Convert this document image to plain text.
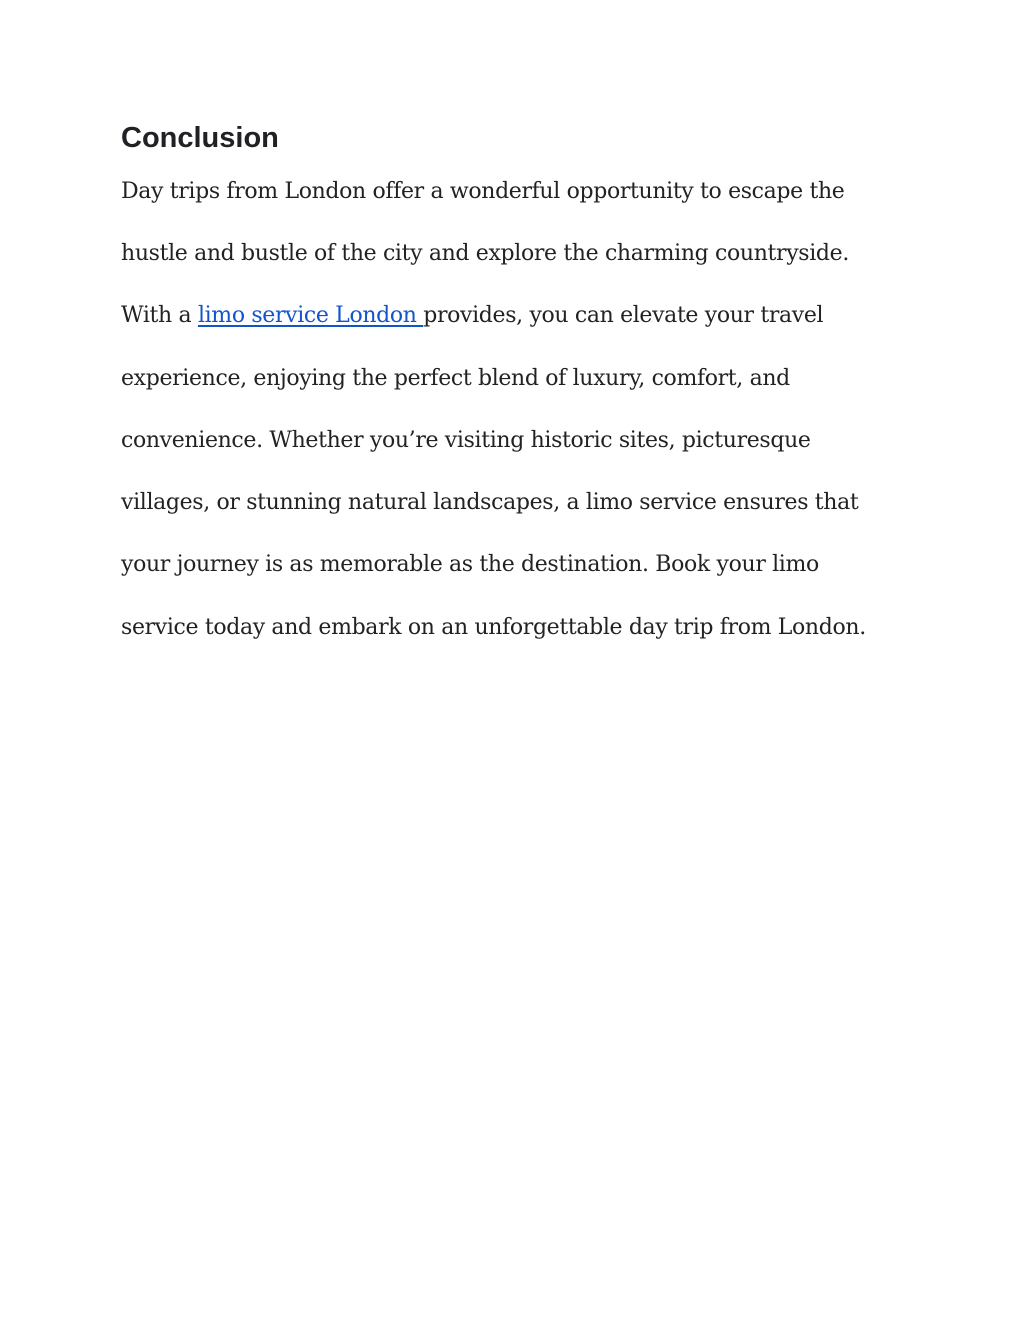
Conclusion

Day trips from London offer a wonderful opportunity to escape the

hustle and bustle of the city and explore the charming countryside.

With a limo service London provides, you can elevate your travel

experience, enjoying the perfect blend of luxury, comfort, and

convenience. Whether you’re visiting historic sites, picturesque

villages, or stunning natural landscapes, a limo service ensures that

your journey is as memorable as the destination. Book your limo

service today and embark on an unforgettable day trip from London.
